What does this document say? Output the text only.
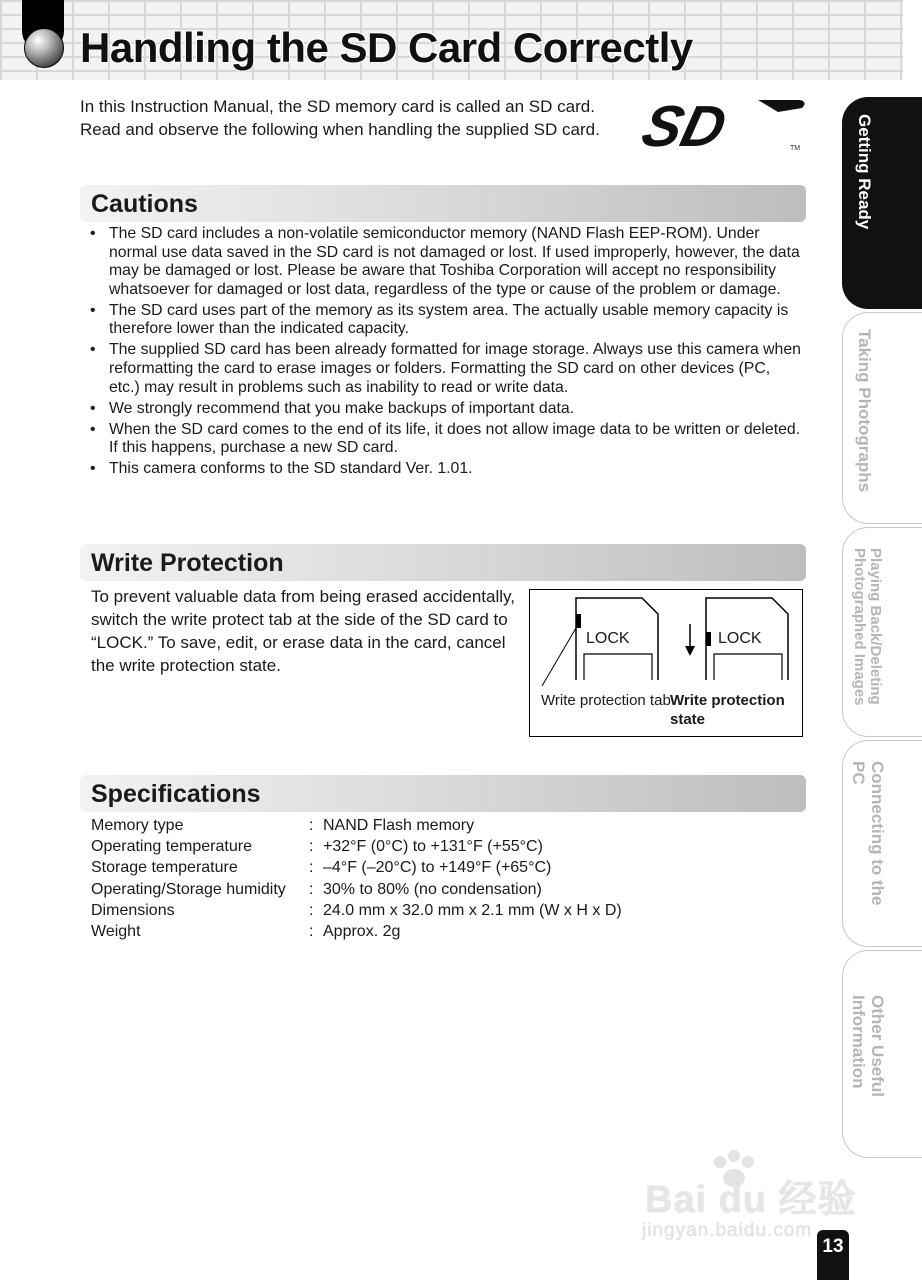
Handling the SD Card Correctly

In this Instruction Manual, the SD memory card is called an SD card. Read and observe the following when handling the supplied SD card. SD	TM
Cautions
• The SD card includes a non-volatile semiconductor memory (NAND Flash EEP-ROM). Under normal use data saved in the SD card is not damaged or lost. If used improperly, however, the data may be damaged or lost. Please be aware that Toshiba Corporation will accept no responsibility whatsoever for damaged or lost data, regardless of the type or cause of the problem or damage.
• The SD card uses part of the memory as its system area. The actually usable memory capacity is therefore lower than the indicated capacity.
• The supplied SD card has been already formatted for image storage. Always use this camera when reformatting the card to erase images or folders. Formatting the SD card on other devices (PC, etc.) may result in problems such as inability to read or write data.
• We strongly recommend that you make backups of important data.
• When the SD card comes to the end of its life, it does not allow image data to be written or deleted. If this happens, purchase a new SD card.
• This camera conforms to the SD standard Ver. 1.01.
Write Protection

To prevent valuable data from being erased accidentally, switch the write protect tab at the side of the SD card to “LOCK.” To save, edit, or erase data in the card, cancel the write protection state.

LOCK	LOCK
Write protection tab Write protection state
Specifications
Memory type	:	NAND Flash memory
Operating temperature	:	+32°F (0°C) to +131°F (+55°C)
Storage temperature	:	–4°F (–20°C) to +149°F (+65°C)
Operating/Storage humidity	:	30% to 80% (no condensation)
Dimensions	:	24.0 mm x 32.0 mm x 2.1 mm (W x H x D)
Weight	:	Approx. 2g
Getting Ready
Taking Photographs
Playing Back/Deleting
Photographed Images
Connecting to the
PC
Other Useful
Information
Bai du 经验
jingyan.baidu.com
13
